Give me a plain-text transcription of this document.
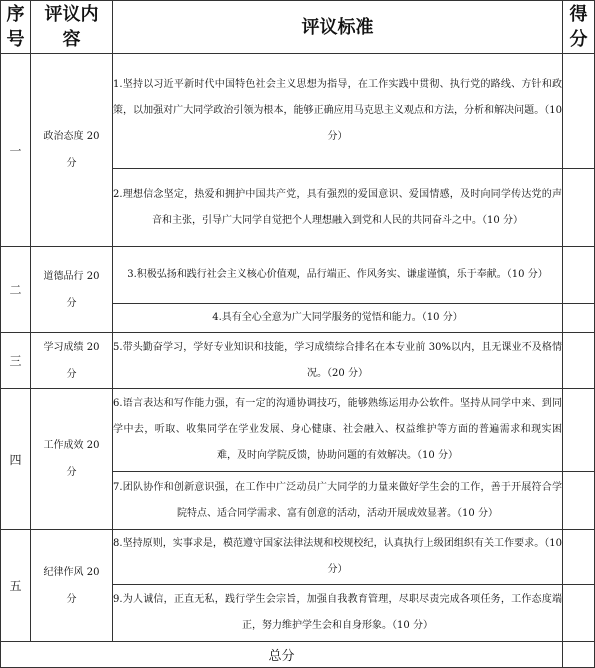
序号	评议内容	评议标准	得分
一	政治态度 20 分	1.坚持以习近平新时代中国特色社会主义思想为指导，在工作实践中贯彻、执行党的路线、方针和政策，以加强对广大同学政治引领为根本，能够正确应用马克思主义观点和方法，分析和解决问题。（10 分）	
		2.理想信念坚定，热爱和拥护中国共产党，具有强烈的爱国意识、爱国情感，及时向同学传达党的声音和主张，引导广大同学自觉把个人理想融入到党和人民的共同奋斗之中。（10 分）	
二	道德品行 20 分	3.积极弘扬和践行社会主义核心价值观，品行端正、作风务实、谦虚谨慎，乐于奉献。（10 分）	
		4.具有全心全意为广大同学服务的觉悟和能力。（10 分）	
三	学习成绩 20 分	5.带头勤奋学习，学好专业知识和技能，学习成绩综合排名在本专业前 30%以内，且无课业不及格情况。（20 分）	
四	工作成效 20 分	6.语言表达和写作能力强，有一定的沟通协调技巧，能够熟练运用办公软件。坚持从同学中来、到同学中去，听取、收集同学在学业发展、身心健康、社会融入、权益维护等方面的普遍需求和现实困难，及时向学院反馈，协助问题的有效解决。（10 分）	
		7.团队协作和创新意识强，在工作中广泛动员广大同学的力量来做好学生会的工作，善于开展符合学院特点、适合同学需求、富有创意的活动，活动开展成效显著。（10 分）	
五	纪律作风 20 分	8.坚持原则，实事求是，模范遵守国家法律法规和校规校纪，认真执行上级团组织有关工作要求。（10 分）	
		9.为人诚信，正直无私，践行学生会宗旨，加强自我教育管理，尽职尽责完成各项任务，工作态度端正，努力维护学生会和自身形象。（10 分）	
总分			
